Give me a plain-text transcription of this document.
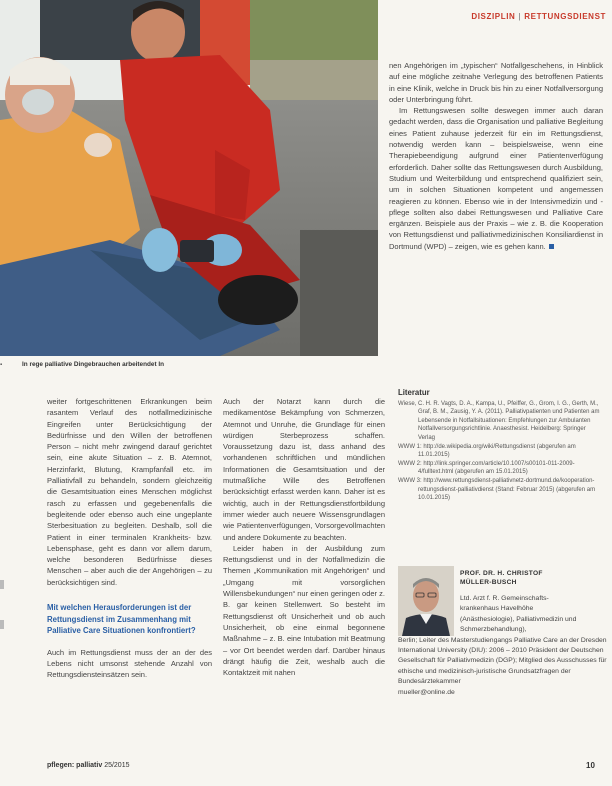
DISZIPLIN | RETTUNGSDIENST
▪	In rege palliative Dingebrauchen arbeitendet In

nen Angehörigen im „typischen“ Notfallgeschehens, in Hinblick auf eine mögliche zeitnahe Verlegung des betroffenen Patients in eine Klinik, welche in Druck bis hin zu einer Notfallversorgung oder Unterbringung führt.

Im Rettungswesen sollte deswegen immer auch daran gedacht werden, dass die Organisation und palliative Begleitung eines Patient zuhause jederzeit für ein im Rettungsdienst, notwendig werden kann – beispielsweise, wenn eine Therapiebeendigung aufgrund einer Patientenverfügung erforderlich. Daher sollte das Rettungswesen durch Ausbildung, Studium und Weiterbildung und entsprechend qualifiziert sein, um in solchen Situationen kompetent und angemessen reagieren zu können. Ebenso wie in der Intensivmedizin und -pflege sollten also dabei Rettungswesen und Palliative Care ergänzen. Beispiele aus der Praxis – wie z. B. die Kooperation von Rettungsdienst und palliativmedizinischen Konsiliardienst in Dortmund (WPD) – zeigen, wie es gehen kann.

weiter fortgeschrittenen Erkrankungen beim rasantem Verlauf des notfallmedizinische Eingreifen unter Berücksichtigung der Bedürfnisse und den Willen der betroffenen Person – nicht mehr zwingend darauf gerichtet sein, eine akute Situation – z. B. Atemnot, Herzinfarkt, Blutung, Krampfanfall etc. im Palliativfall zu behandeln, sondern gleichzeitig die Gesamtsituation eines Menschen möglichst rasch zu erfassen und gegebenenfalls die begleitende oder ebenso auch eine ungeplante Sterbesituation zu begleiten. Deshalb, soll die Patient in einer terminalen Krankheits- bzw. Lebensphase, geht es dann vor allem darum, welche besonderen Bedürfnisse dieses Menschen – aber auch die der Angehörigen – zu berücksichtigen sind.

Mit welchen Herausforderungen ist der Rettungsdienst im Zusammenhang mit Palliative Care Situationen konfrontiert?

Auch im Rettungsdienst muss der an der des Lebens nicht umsonst stehende Anzahl von Rettungsdiensteinsätzen sein.

Auch der Notarzt kann durch die medikamentöse Bekämpfung von Schmerzen, Atemnot und Unruhe, die Grundlage für einen würdigen Sterbeprozess schaffen. Voraussetzung dazu ist, dass anhand des vorhandenen schriftlichen und mündlichen Informationen die Gesamtsituation und der mutmaßliche Wille des Betroffenen berücksichtigt erfasst werden kann. Daher ist es wichtig, auch in der Rettungsdienstfortbildung immer wieder auch neuere Wissensgrundlagen wie Patientenverfügungen, Vorsorgevollmachten und andere Dokumente zu beachten.

Leider haben in der Ausbildung zum Rettungsdienst und in der Notfallmedizin die Themen „Kommunikation mit Angehörigen“ und „Umgang mit vorsorglichen Willensbekundungen“ nur einen geringen oder z. B. gar keinen Stellenwert. So besteht im Rettungsdienst oft Unsicherheit und ob auch Unsicherheit, ob eine einmal begonnene Maßnahme – z. B. eine Intubation mit Beatmung – vor Ort beendet werden darf. Darüber hinaus drängt häufig die Zeit, weshalb auch die Kontaktzeit mit nahen

Literatur

Wiese, C. H. R. Vagts, D. A., Kampa, U., Pfeiffer, G., Grom, I. G., Gerth, M., Graf, B. M., Zausig, Y. A. (2011). Palliativpatienten und Patienten am Lebensende in Notfallsituationen: Empfehlungen zur Ambulanten Notfallversorgungsrichtlinie. Anaesthesist. Heidelberg: Springer Verlag

WWW 1: http://de.wikipedia.org/wiki/Rettungsdienst (abgerufen am 11.01.2015)

WWW 2: http://link.springer.com/article/10.1007/s00101-011-2009-4/fulltext.html (abgerufen am 15.01.2015)

WWW 3: http://www.rettungsdienst-palliativnetz-dortmund.de/kooperation-rettungsdienst-palliativdienst (Stand: Februar 2015) (abgerufen am 10.01.2015)

PROF. DR. H. CHRISTOF
MÜLLER-BUSCH
Ltd. Arzt f. R. Gemeinschafts-
krankenhaus Havelhöhe
(Anästhesiologie), Palliativmedizin und Schmerzbehandlung),
Berlin; Leiter des Masterstudiengangs Palliative Care an der Dresden International University (DIU): 2006 – 2010 Präsident der Deutschen Gesellschaft für Palliativmedizin (DGP); Mitglied des Ausschusses für ethische und medizinisch-juristische Grundsatzfragen der Bundesärztekammer
mueller@online.de
pflegen: palliativ 25/2015	10
